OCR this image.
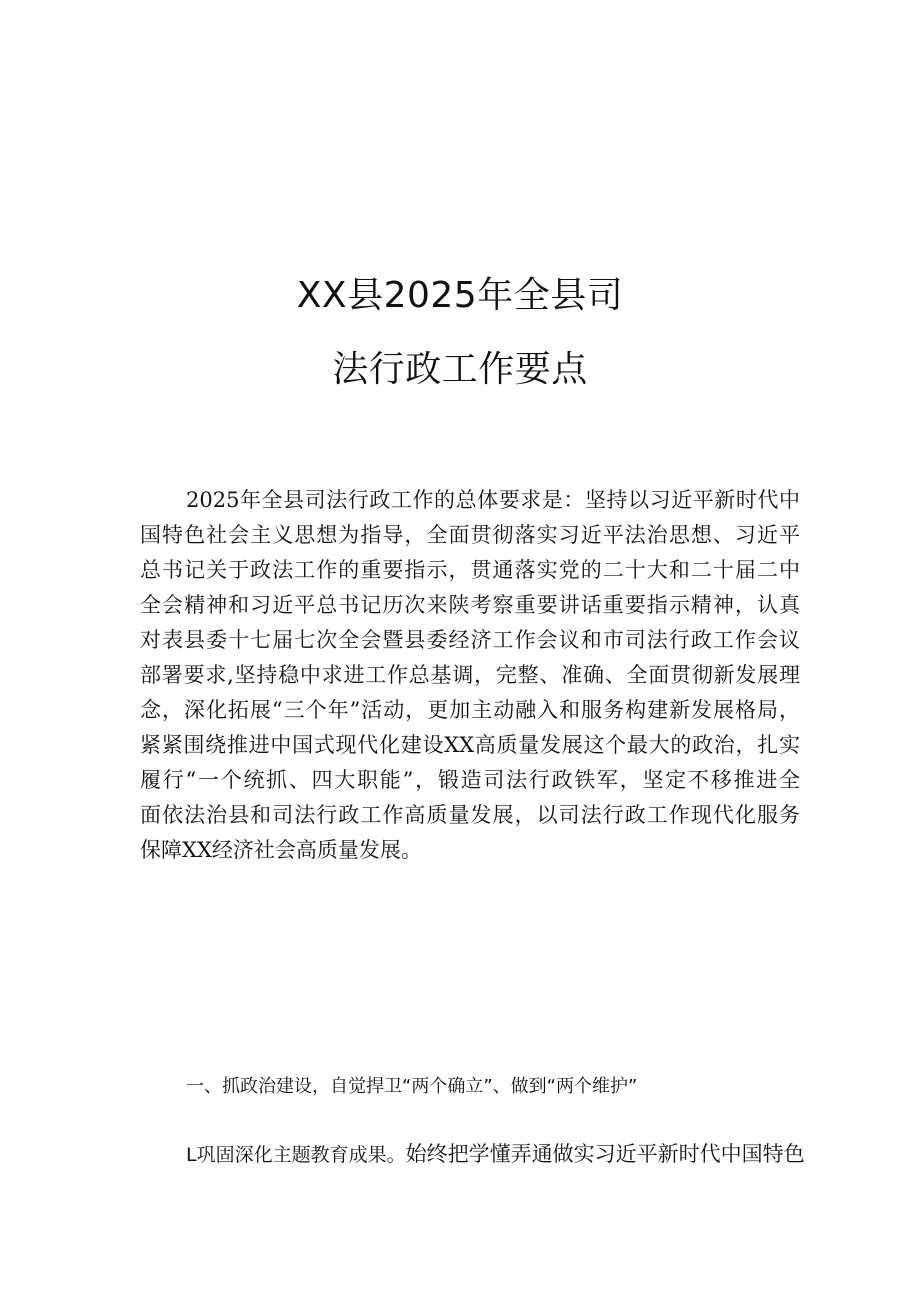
XX县2025年全县司
法行政工作要点
2025年全县司法行政工作的总体要求是：坚持以习近平新时代中
国特色社会主义思想为指导，全面贯彻落实习近平法治思想、习近平
总书记关于政法工作的重要指示，贯通落实党的二十大和二十届二中
全会精神和习近平总书记历次来陕考察重要讲话重要指示精神，认真
对表县委十七届七次全会暨县委经济工作会议和市司法行政工作会议
部署要求,坚持稳中求进工作总基调，完整、准确、全面贯彻新发展理
念，深化拓展“三个年”活动，更加主动融入和服务构建新发展格局，
紧紧围绕推进中国式现代化建设XX高质量发展这个最大的政治，扎实
履行“一个统抓、四大职能”，锻造司法行政铁军，坚定不移推进全
面依法治县和司法行政工作高质量发展，以司法行政工作现代化服务
保障XX经济社会高质量发展。
一、抓政治建设，自觉捍卫“两个确立”、做到“两个维护”
L巩固深化主题教育成果。始终把学懂弄通做实习近平新时代中国特色
